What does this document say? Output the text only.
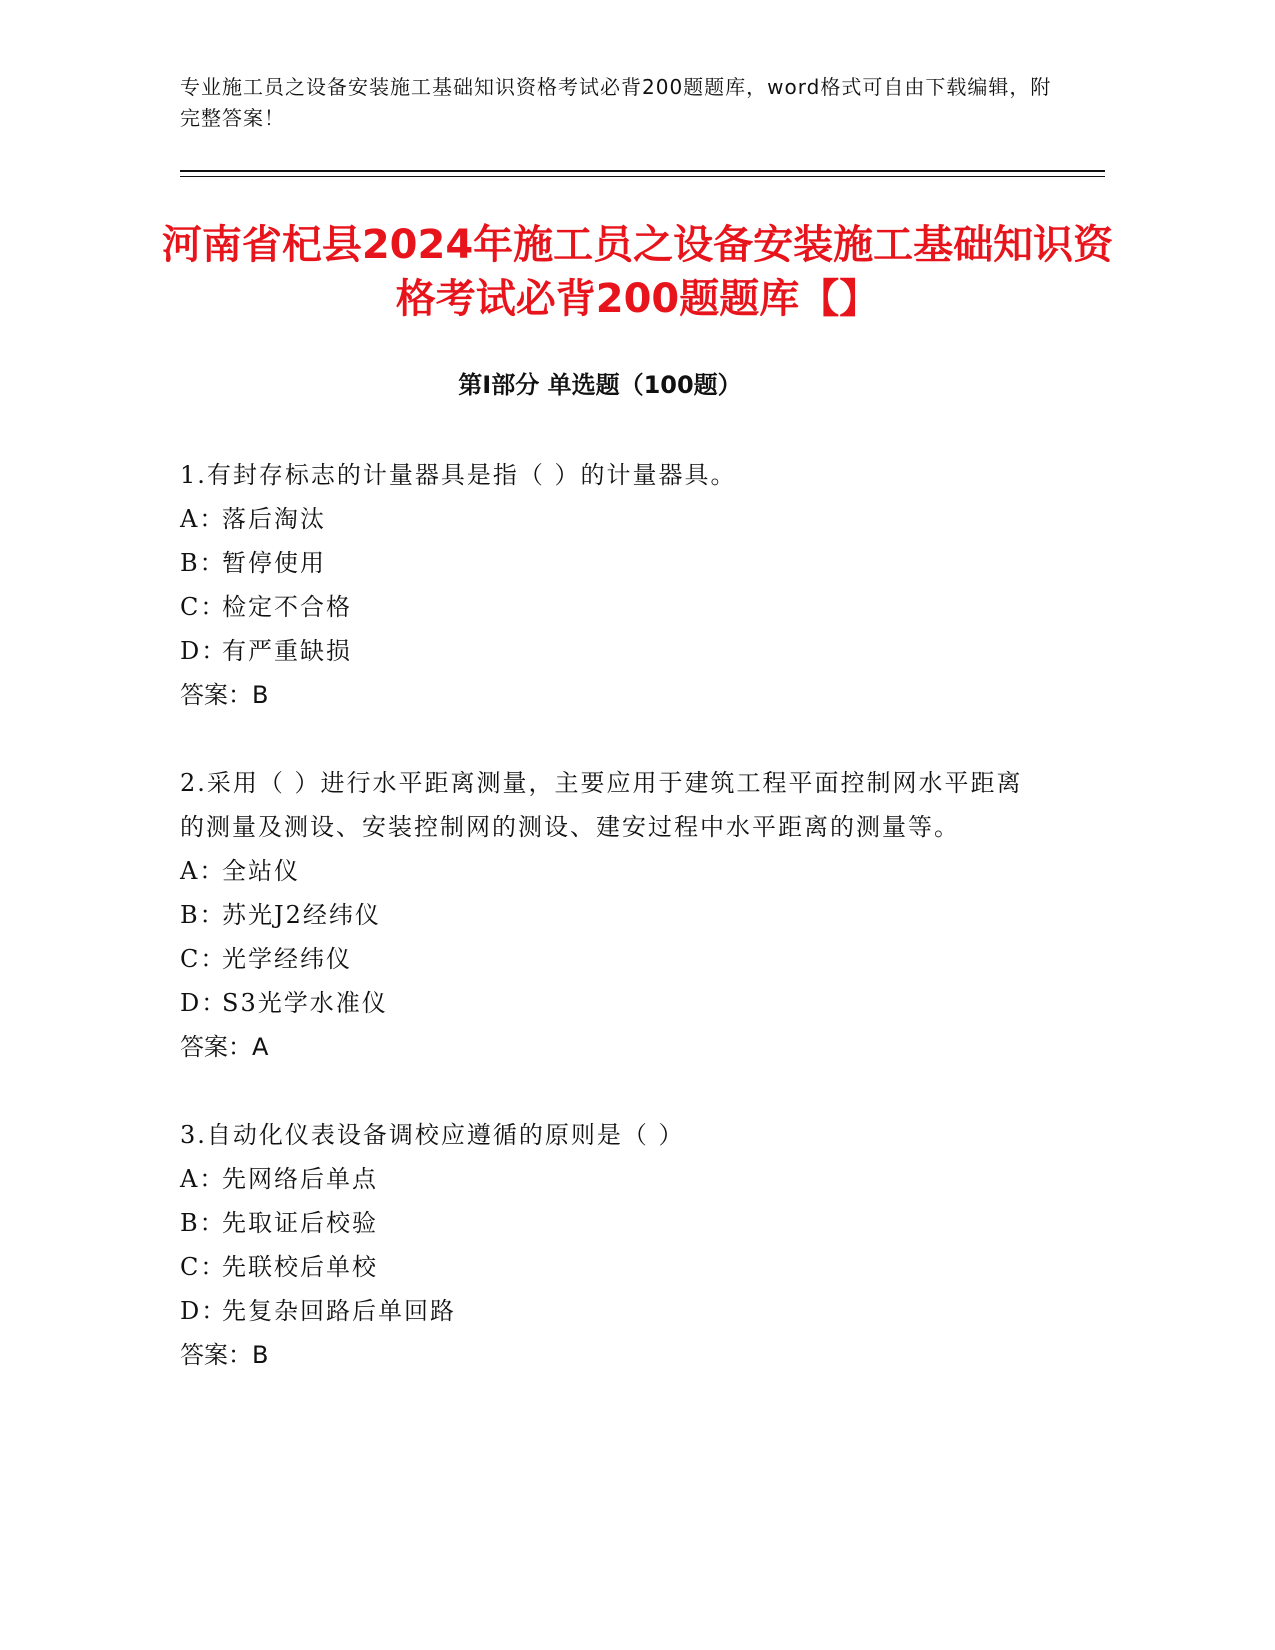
专业施工员之设备安装施工基础知识资格考试必背200题题库，word格式可自由下载编辑，附完整答案！
河南省杞县2024年施工员之设备安装施工基础知识资格考试必背200题题库【】
第Ⅰ部分 单选题（100题）
1.有封存标志的计量器具是指（ ）的计量器具。
A：落后淘汰
B：暂停使用
C：检定不合格
D：有严重缺损
答案：B
2.采用（ ）进行水平距离测量，主要应用于建筑工程平面控制网水平距离的测量及测设、安装控制网的测设、建安过程中水平距离的测量等。
A：全站仪
B：苏光J2经纬仪
C：光学经纬仪
D：S3光学水准仪
答案：A
3.自动化仪表设备调校应遵循的原则是（ ）
A：先网络后单点
B：先取证后校验
C：先联校后单校
D：先复杂回路后单回路
答案：B
